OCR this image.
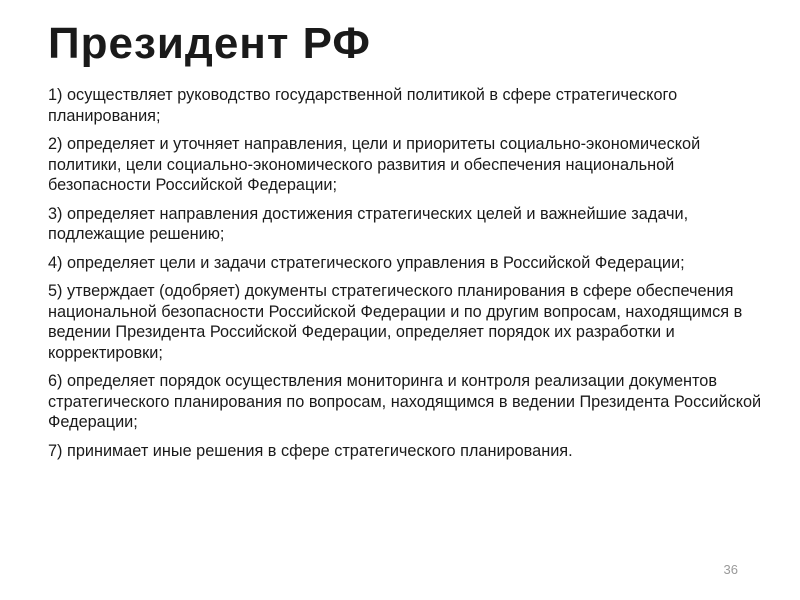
Президент РФ
1) осуществляет руководство государственной политикой в сфере стратегического планирования;
2) определяет и уточняет направления, цели и приоритеты социально-экономической политики, цели социально-экономического развития и обеспечения национальной безопасности Российской Федерации;
3) определяет направления достижения стратегических целей и важнейшие задачи, подлежащие решению;
4) определяет цели и задачи стратегического управления в Российской Федерации;
5) утверждает (одобряет) документы стратегического планирования в сфере обеспечения национальной безопасности Российской Федерации и по другим вопросам, находящимся в ведении Президента Российской Федерации, определяет порядок их разработки и корректировки;
6) определяет порядок осуществления мониторинга и контроля реализации документов стратегического планирования по вопросам, находящимся в ведении Президента Российской Федерации;
7) принимает иные решения в сфере стратегического планирования.
36
